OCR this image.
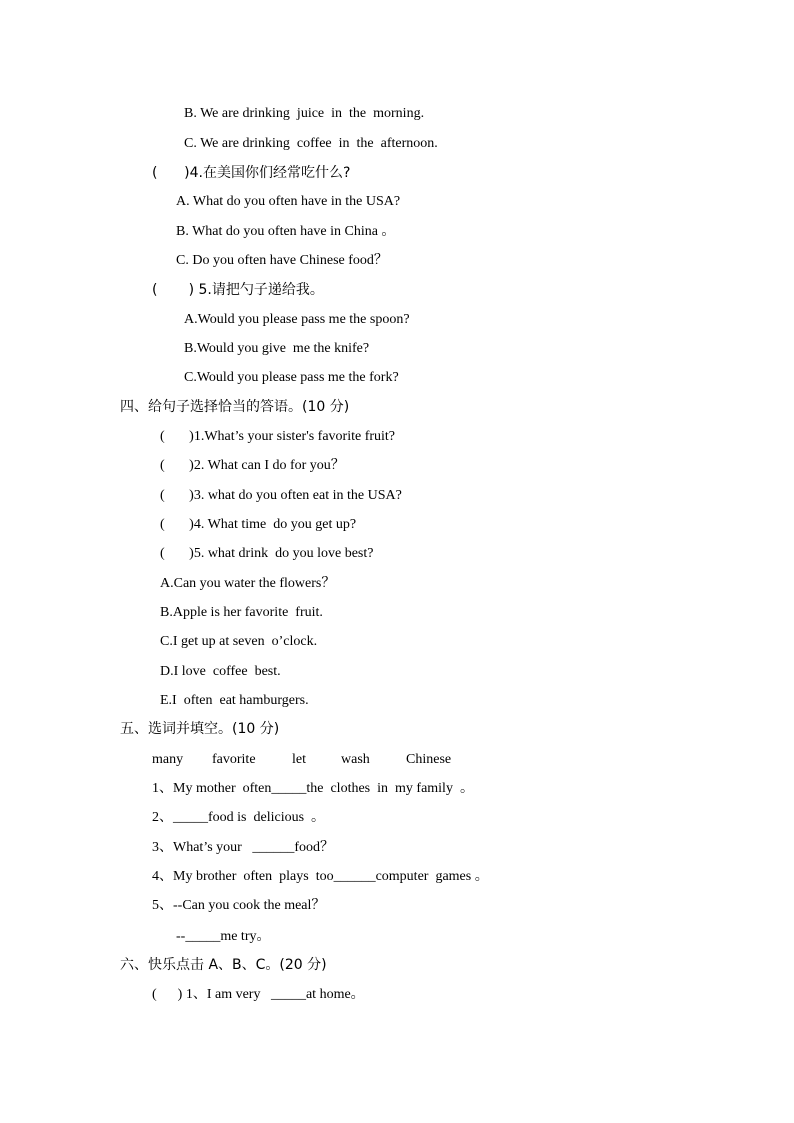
B. We are drinking  juice  in  the  morning.
C. We are drinking  coffee  in  the  afternoon.
(      )4.在美国你们经常吃什么?
A. What do you often have in the USA?
B. What do you often have in China 。
C. Do you often have Chinese food？
(       ) 5.请把勺子递给我。
A.Would you please pass me the spoon?
B.Would you give  me the knife?
C.Would you please pass me the fork?
四、给句子选择恰当的答语。(10 分)
(       )1.What’s your sister's favorite fruit?
(       )2. What can I do for you？
(       )3. what do you often eat in the USA?
(       )4. What time  do you get up?
(       )5. what drink  do you love best?
A.Can you water the flowers？
B.Apple is her favorite  fruit.
C.I get up at seven  o’clock.
D.I love  coffee  best.
E.I  often  eat hamburgers.
五、选词并填空。(10 分)
many favorite	let	wash	Chinese
1、My mother  often_____the  clothes  in  my family  。
2、_____food is  delicious  。
3、What’s your   ______food？
4、My brother  often  plays  too______computer  games 。
5、--Can you cook the meal？
--_____me try。
六、快乐点击 A、B、C。(20 分)
(      ) 1、I am very   _____at home。
